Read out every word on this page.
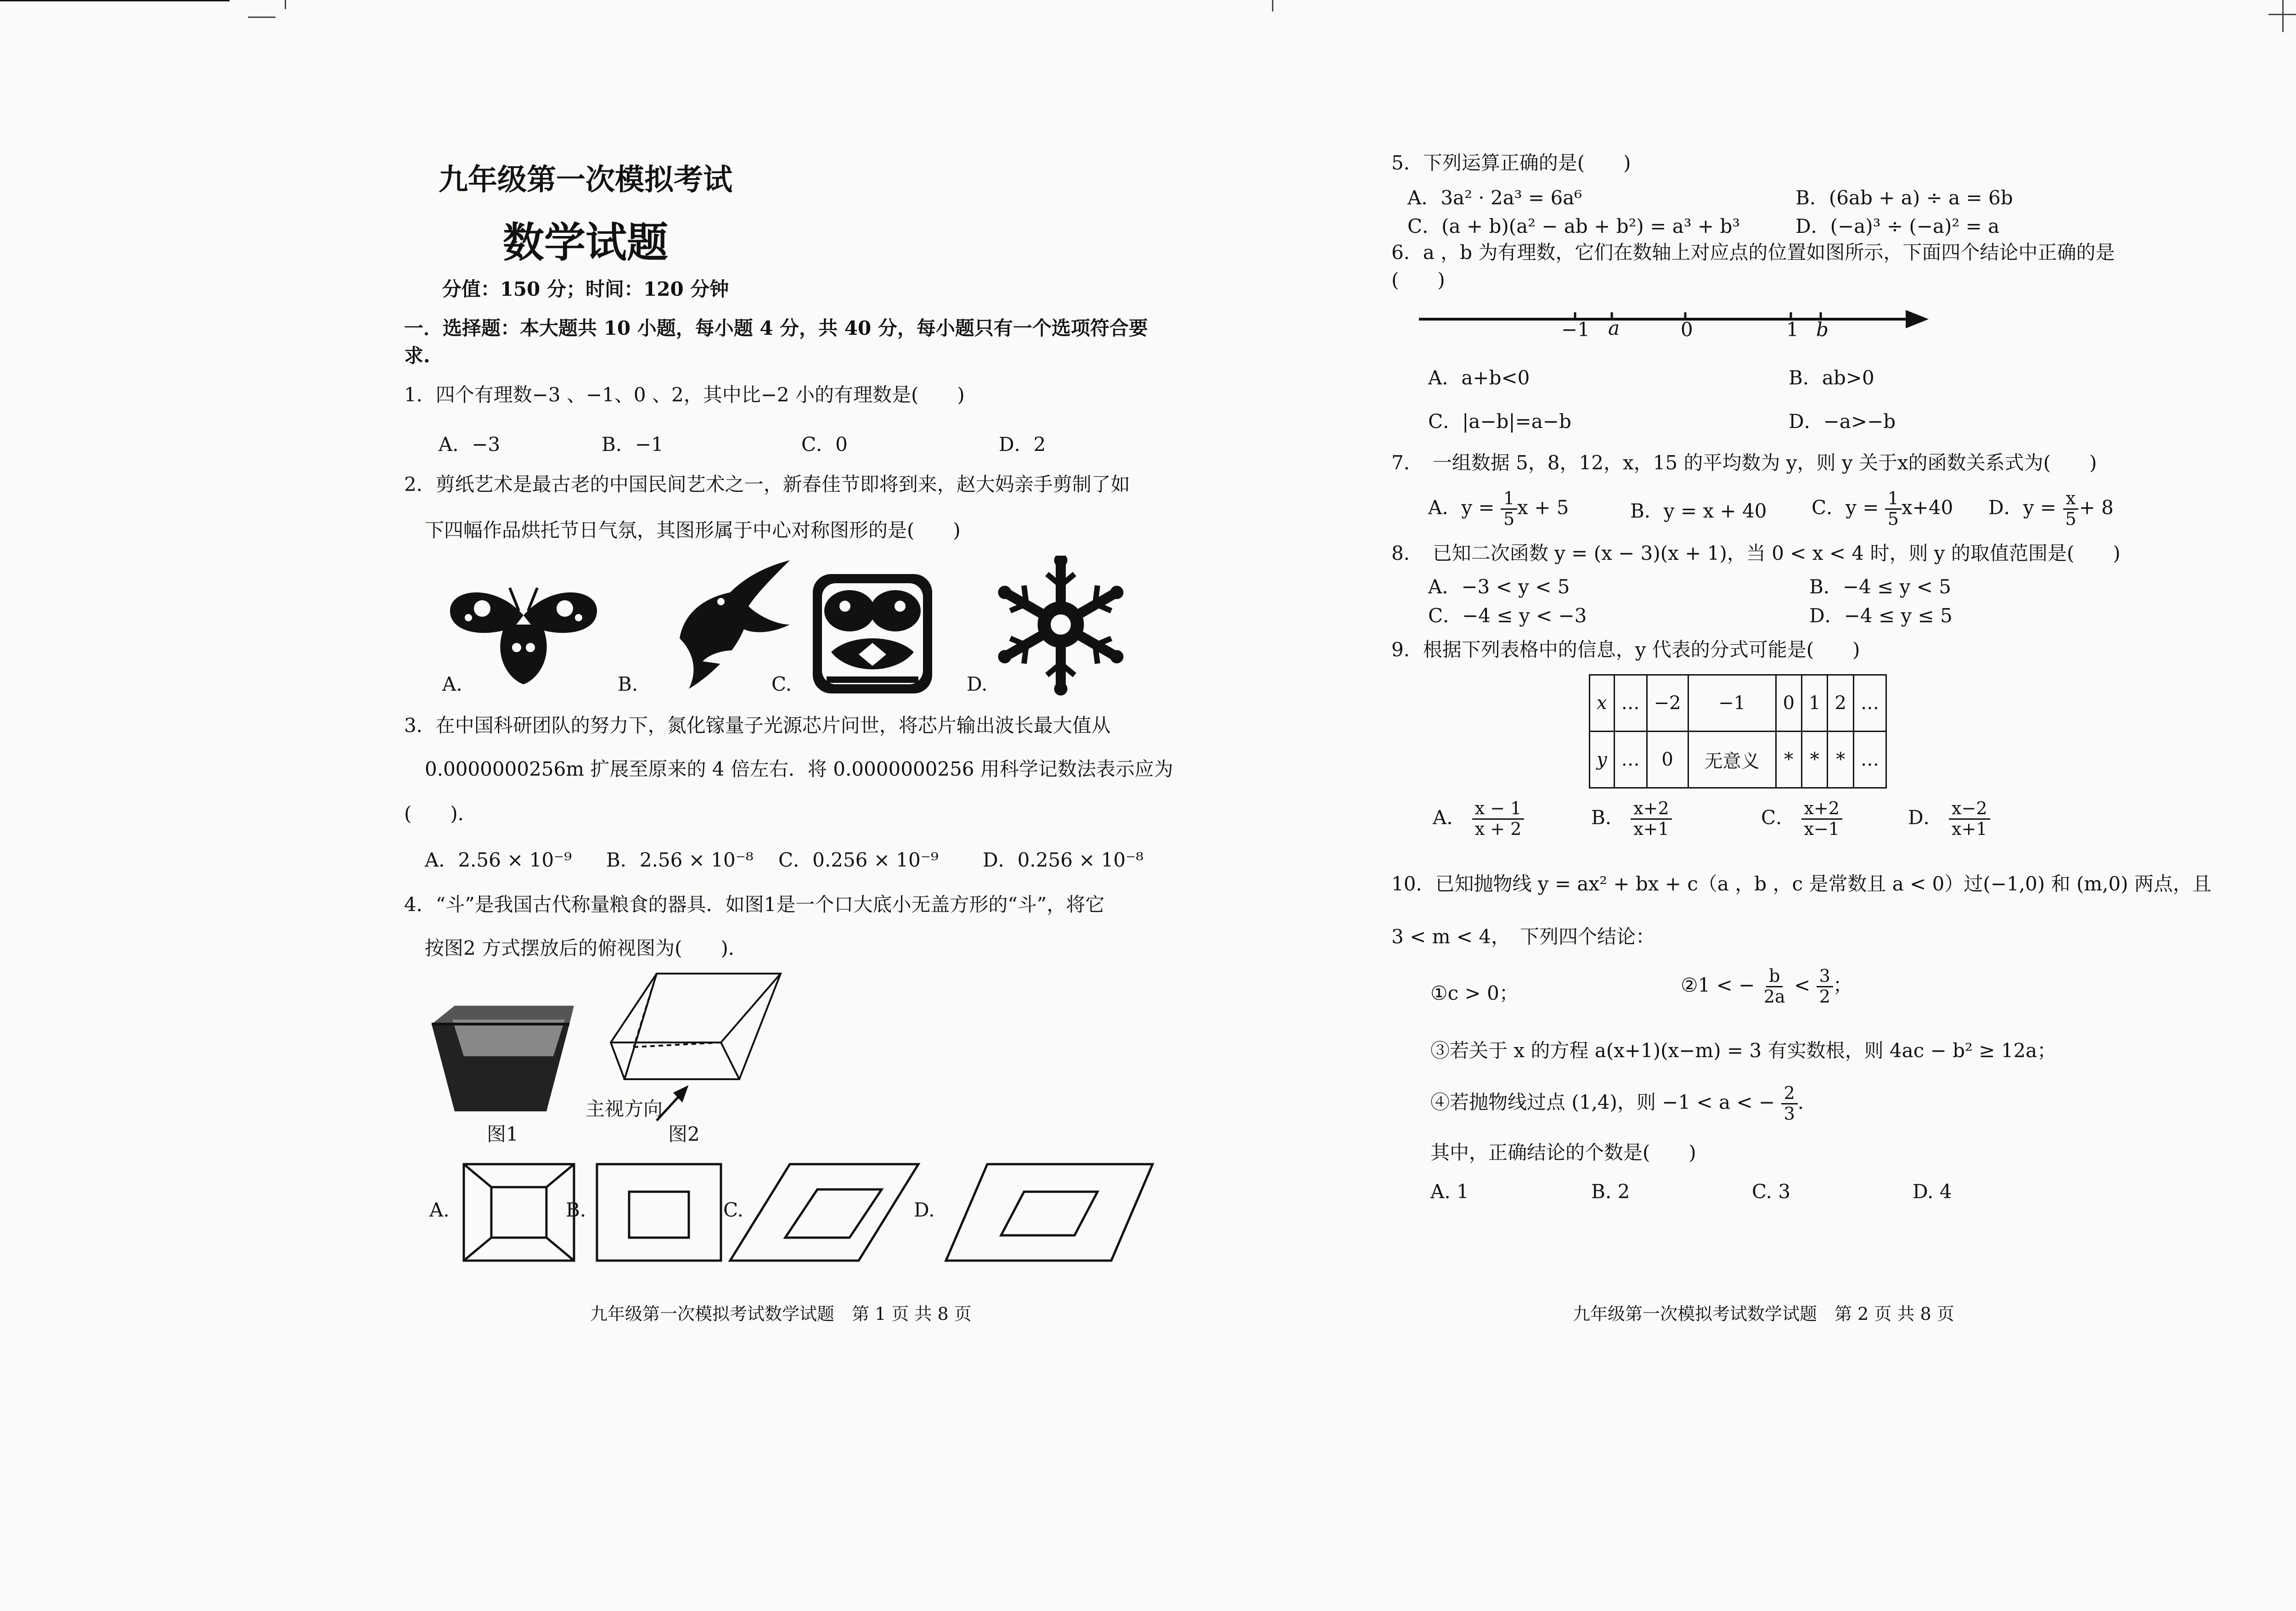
九年级第一次模拟考试
数学试题
分值：150 分；时间：120 分钟
一．选择题：本大题共 10 小题，每小题 4 分，共 40 分，每小题只有一个选项符合要
求.
1．四个有理数−3 、−1、0 、2，其中比−2 小的有理数是(　　)
A．−3	B．−1	C．0	D．2
2．剪纸艺术是最古老的中国民间艺术之一，新春佳节即将到来，赵大妈亲手剪制了如
下四幅作品烘托节日气氛，其图形属于中心对称图形的是(　　)
A.	B.	C.	D.
3．在中国科研团队的努力下，氮化镓量子光源芯片问世，将芯片输出波长最大值从
0.0000000256m 扩展至原来的 4 倍左右．将 0.0000000256 用科学记数法表示应为
(　　)．
A．2.56 × 10⁻⁹ B．2.56 × 10⁻⁸ C．0.256 × 10⁻⁹ D．0.256 × 10⁻⁸
4．“斗”是我国古代称量粮食的器具．如图1是一个口大底小无盖方形的“斗”，将它
按图2 方式摆放后的俯视图为(　　)．
主视方向
图1	图2
A.	B.	C.	D.
九年级第一次模拟考试数学试题　第 1 页 共 8 页
5．下列运算正确的是(　　)
A．3a² · 2a³ = 6a⁶	B．(6ab + a) ÷ a = 6b
C．(a + b)(a² − ab + b²) = a³ + b³	D．(−a)³ ÷ (−a)² = a
6．a ，b 为有理数，它们在数轴上对应点的位置如图所示，下面四个结论中正确的是
(　　)
−1 a	0	1 b
A．a+b<0	B．ab>0
C．|a−b|=a−b	D．−a>−b
7．　一组数据 5，8，12，x，15 的平均数为 y，则 y 关于x的函数关系式为(　　)
A．$y = \frac{1}{5}$ x + 5	B．y = x + 40 C．$y = \frac{1}{5} x+40$ D．$y = \frac{x}{5} + 8$
8．　已知二次函数 y = (x − 3)(x + 1)，当 0 < x < 4 时，则 y 的取值范围是(　　)
A．−3 < y < 5	B．−4 ≤ y < 5
C．−4 ≤ y < −3	D．−4 ≤ y ≤ 5
9．根据下列表格中的信息，y 代表的分式可能是(　　)
x	…	−2	−1	0	1	2	…
y	…	0	无意义	*	*	*	…
A． $\frac{x - 1}{x + 2}$	B． $\frac{x+2}{x+1}$	C． $\frac{x+2}{x-1}$	D． $\frac{x-2}{x+1}$
10．已知抛物线 y = ax² + bx + c（a ，b ，c 是常数且 a < 0）过(−1,0) 和 (m,0) 两点，且
3 < m < 4，　下列四个结论：
①c > 0；	②1 < − $\frac{b}{2a} < \frac{3}{2}$ ；
③若关于 x 的方程 a(x+1)(x−m) = 3 有实数根，则 4ac − b² ≥ 12a；
④若抛物线过点 (1,4)，则 −1 < a < − $\frac{2}{3}$ .
其中，正确结论的个数是(　　)
A. 1	B. 2	C. 3	D. 4
九年级第一次模拟考试数学试题　第 2 页 共 8 页
